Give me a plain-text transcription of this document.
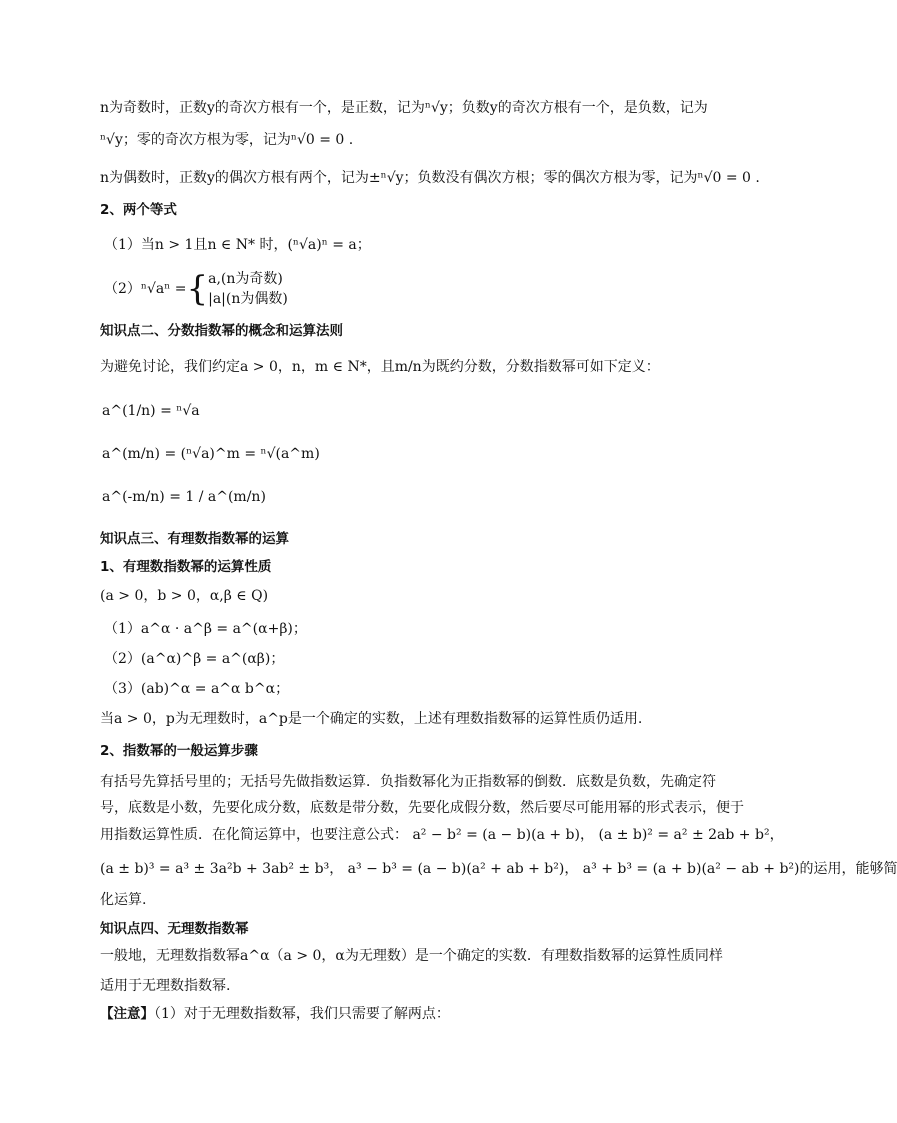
n为奇数时，正数y的奇次方根有一个，是正数，记为ⁿ√y；负数y的奇次方根有一个，是负数，记为
ⁿ√y；零的奇次方根为零，记为ⁿ√0 = 0 .
n为偶数时，正数y的偶次方根有两个，记为±ⁿ√y；负数没有偶次方根；零的偶次方根为零，记为ⁿ√0 = 0 .
2、两个等式
（1）当n > 1且n ∈ N* 时，(ⁿ√a)ⁿ = a；
（2）ⁿ√aⁿ = { a,(n为奇数)
|a|(n为偶数)
知识点二、分数指数幂的概念和运算法则
为避免讨论，我们约定a > 0，n，m ∈ N*，且m/n为既约分数，分数指数幂可如下定义：
a^(1/n) = ⁿ√a
a^(m/n) = (ⁿ√a)^m = ⁿ√(a^m)
a^(-m/n) = 1 / a^(m/n)
知识点三、有理数指数幂的运算
1、有理数指数幂的运算性质
(a > 0，b > 0，α,β ∈ Q)
（1）a^α · a^β = a^(α+β)；
（2）(a^α)^β = a^(αβ)；
（3）(ab)^α = a^α b^α；
当a > 0，p为无理数时，a^p是一个确定的实数，上述有理数指数幂的运算性质仍适用.
2、指数幂的一般运算步骤
有括号先算括号里的；无括号先做指数运算．负指数幂化为正指数幂的倒数．底数是负数，先确定符
号，底数是小数，先要化成分数，底数是带分数，先要化成假分数，然后要尽可能用幂的形式表示，便于
用指数运算性质．在化简运算中，也要注意公式： a² − b² = (a − b)(a + b)， (a ± b)² = a² ± 2ab + b²，
(a ± b)³ = a³ ± 3a²b + 3ab² ± b³， a³ − b³ = (a − b)(a² + ab + b²)， a³ + b³ = (a + b)(a² − ab + b²)的运用，能够简
化运算.
知识点四、无理数指数幂
一般地，无理数指数幂a^α（a > 0，α为无理数）是一个确定的实数．有理数指数幂的运算性质同样
适用于无理数指数幂.
【注意】（1）对于无理数指数幂，我们只需要了解两点：
